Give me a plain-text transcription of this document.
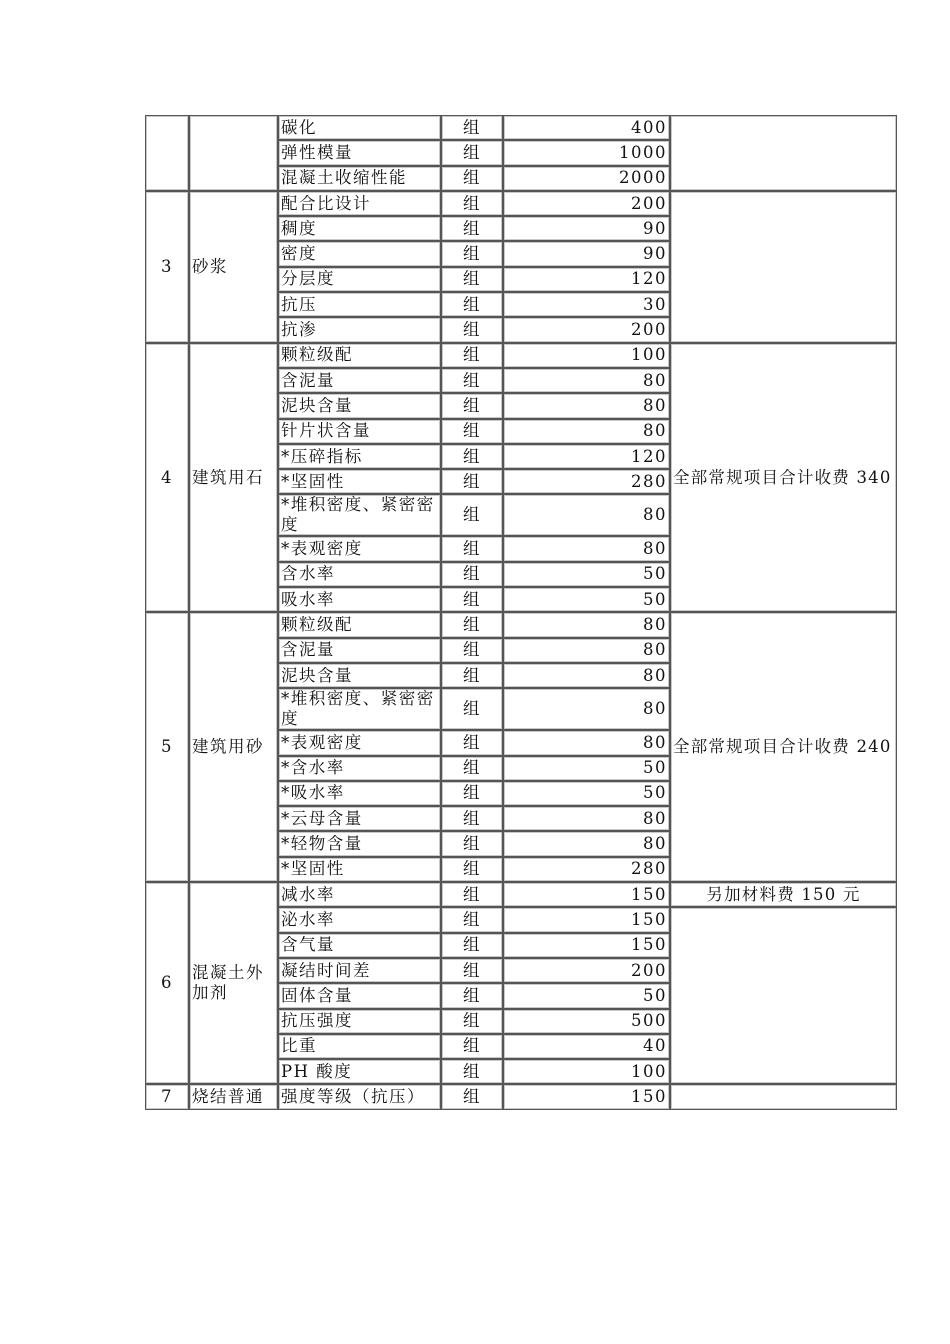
		碳化	组	400	
		弹性模量	组	1000	
		混凝土收缩性能	组	2000	
3	砂浆	配合比设计	组	200	
		稠度	组	90	
		密度	组	90	
		分层度	组	120	
		抗压	组	30	
		抗渗	组	200	
4	建筑用石	颗粒级配	组	100	全部常规项目合计收费 340
		含泥量	组	80	
		泥块含量	组	80	
		针片状含量	组	80	
		*压碎指标	组	120	
		*坚固性	组	280	
		*堆积密度、紧密密度	组	80	
		*表观密度	组	80	
		含水率	组	50	
		吸水率	组	50	
5	建筑用砂	颗粒级配	组	80	全部常规项目合计收费 240
		含泥量	组	80	
		泥块含量	组	80	
		*堆积密度、紧密密度	组	80	
		*表观密度	组	80	
		*含水率	组	50	
		*吸水率	组	50	
		*云母含量	组	80	
		*轻物含量	组	80	
		*坚固性	组	280	
6	混凝土外加剂	减水率	组	150	另加材料费 150 元
		泌水率	组	150	
		含气量	组	150	
		凝结时间差	组	200	
		固体含量	组	50	
		抗压强度	组	500	
		比重	组	40	
		PH 酸度	组	100	
7	烧结普通	强度等级（抗压）	组	150	
